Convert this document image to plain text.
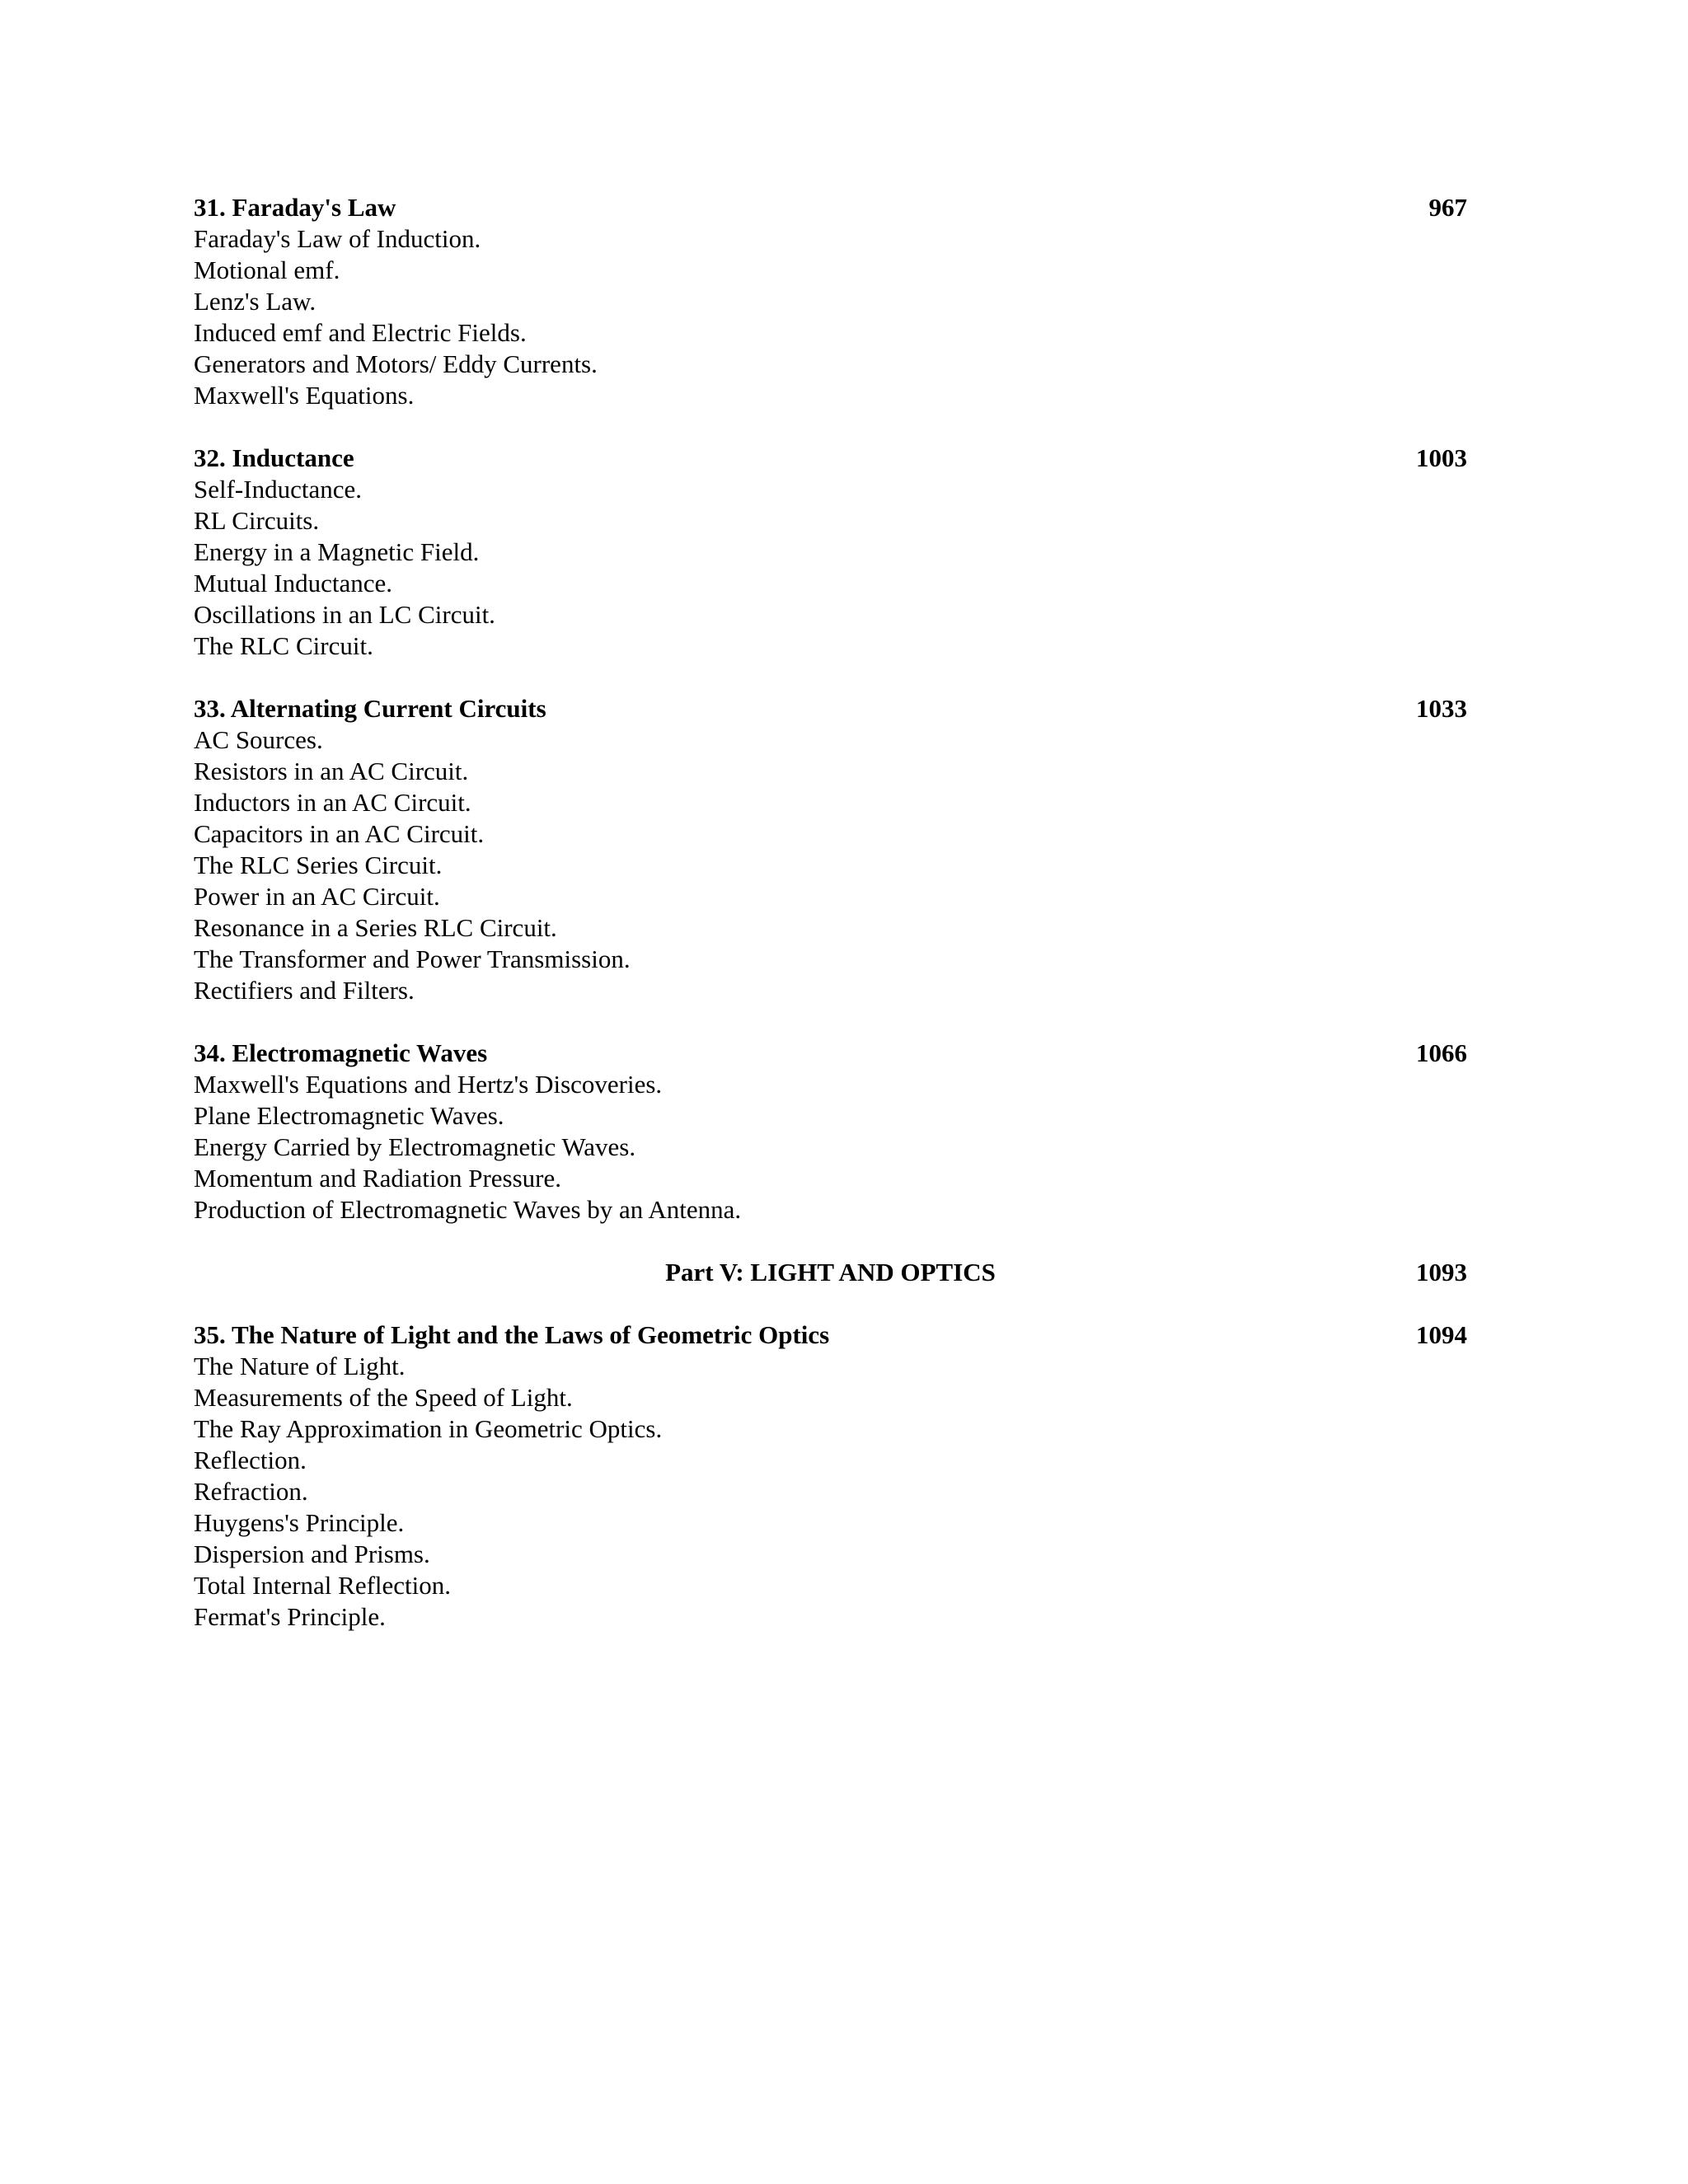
31. Faraday's Law	967
Faraday's Law of Induction.
Motional emf.
Lenz's Law.
Induced emf and Electric Fields.
Generators and Motors/ Eddy Currents.
Maxwell's Equations.
32. Inductance	1003
Self-Inductance.
RL Circuits.
Energy in a Magnetic Field.
Mutual Inductance.
Oscillations in an LC Circuit.
The RLC Circuit.
33. Alternating Current Circuits	1033
AC Sources.
Resistors in an AC Circuit.
Inductors in an AC Circuit.
Capacitors in an AC Circuit.
The RLC Series Circuit.
Power in an AC Circuit.
Resonance in a Series RLC Circuit.
The Transformer and Power Transmission.
Rectifiers and Filters.
34. Electromagnetic Waves	1066
Maxwell's Equations and Hertz's Discoveries.
Plane Electromagnetic Waves.
Energy Carried by Electromagnetic Waves.
Momentum and Radiation Pressure.
Production of Electromagnetic Waves by an Antenna.
Part V: LIGHT AND OPTICS	1093
35. The Nature of Light and the Laws of Geometric Optics	1094
The Nature of Light.
Measurements of the Speed of Light.
The Ray Approximation in Geometric Optics.
Reflection.
Refraction.
Huygens's Principle.
Dispersion and Prisms.
Total Internal Reflection.
Fermat's Principle.
